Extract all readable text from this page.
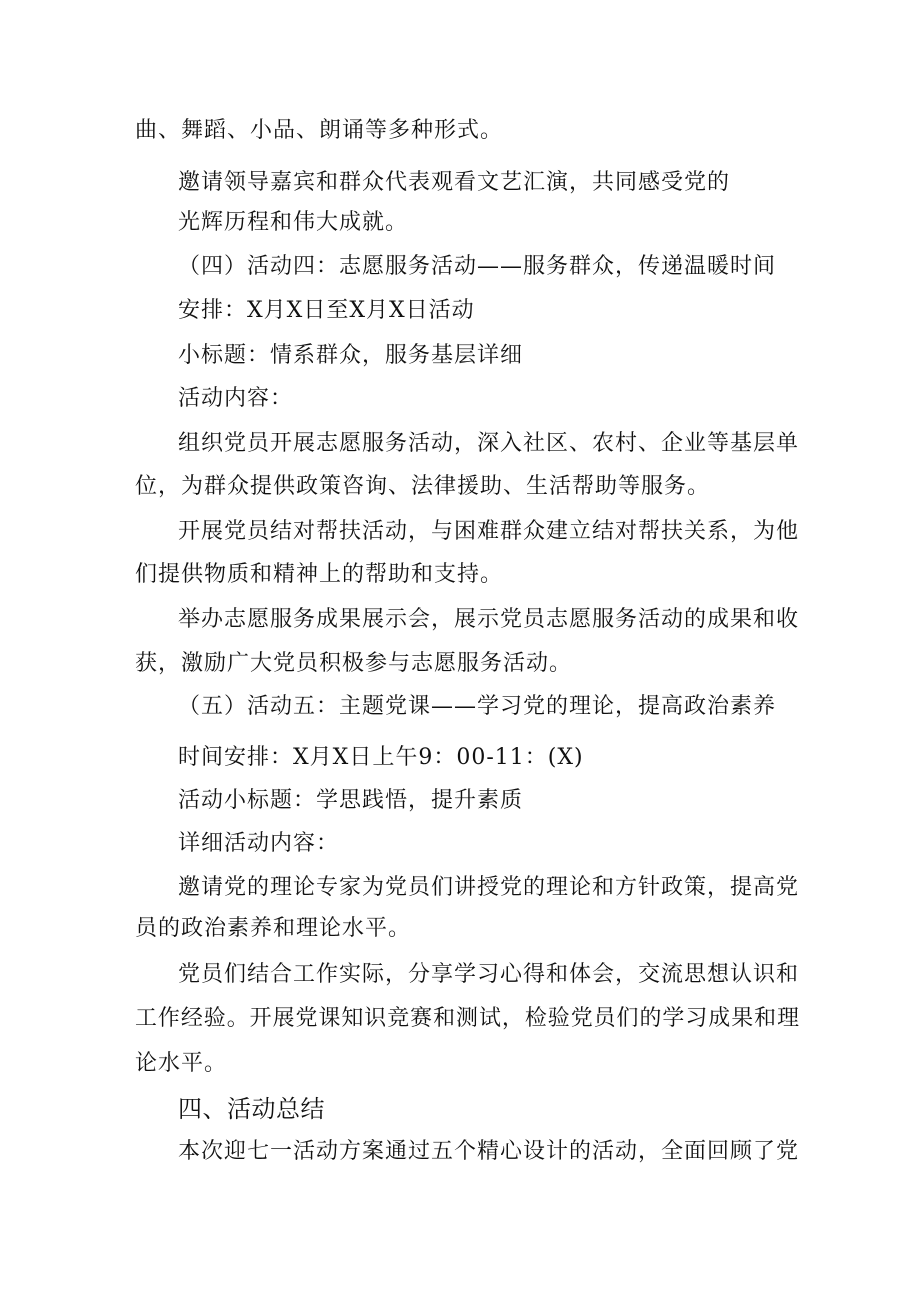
曲、舞蹈、小品、朗诵等多种形式。
邀请领导嘉宾和群众代表观看文艺汇演，共同感受党的
光辉历程和伟大成就。
（四）活动四：志愿服务活动——服务群众，传递温暖时间
安排：X月X日至X月X日活动
小标题：情系群众，服务基层详细
活动内容：
组织党员开展志愿服务活动，深入社区、农村、企业等基层单
位，为群众提供政策咨询、法律援助、生活帮助等服务。
开展党员结对帮扶活动，与困难群众建立结对帮扶关系，为他
们提供物质和精神上的帮助和支持。
举办志愿服务成果展示会，展示党员志愿服务活动的成果和收
获，激励广大党员积极参与志愿服务活动。
（五）活动五：主题党课——学习党的理论，提高政治素养
时间安排：X月X日上午9：00-11：(X)
活动小标题：学思践悟，提升素质
详细活动内容：
邀请党的理论专家为党员们讲授党的理论和方针政策，提高党
员的政治素养和理论水平。
党员们结合工作实际，分享学习心得和体会，交流思想认识和
工作经验。开展党课知识竞赛和测试，检验党员们的学习成果和理
论水平。
四、活动总结
本次迎七一活动方案通过五个精心设计的活动，全面回顾了党
